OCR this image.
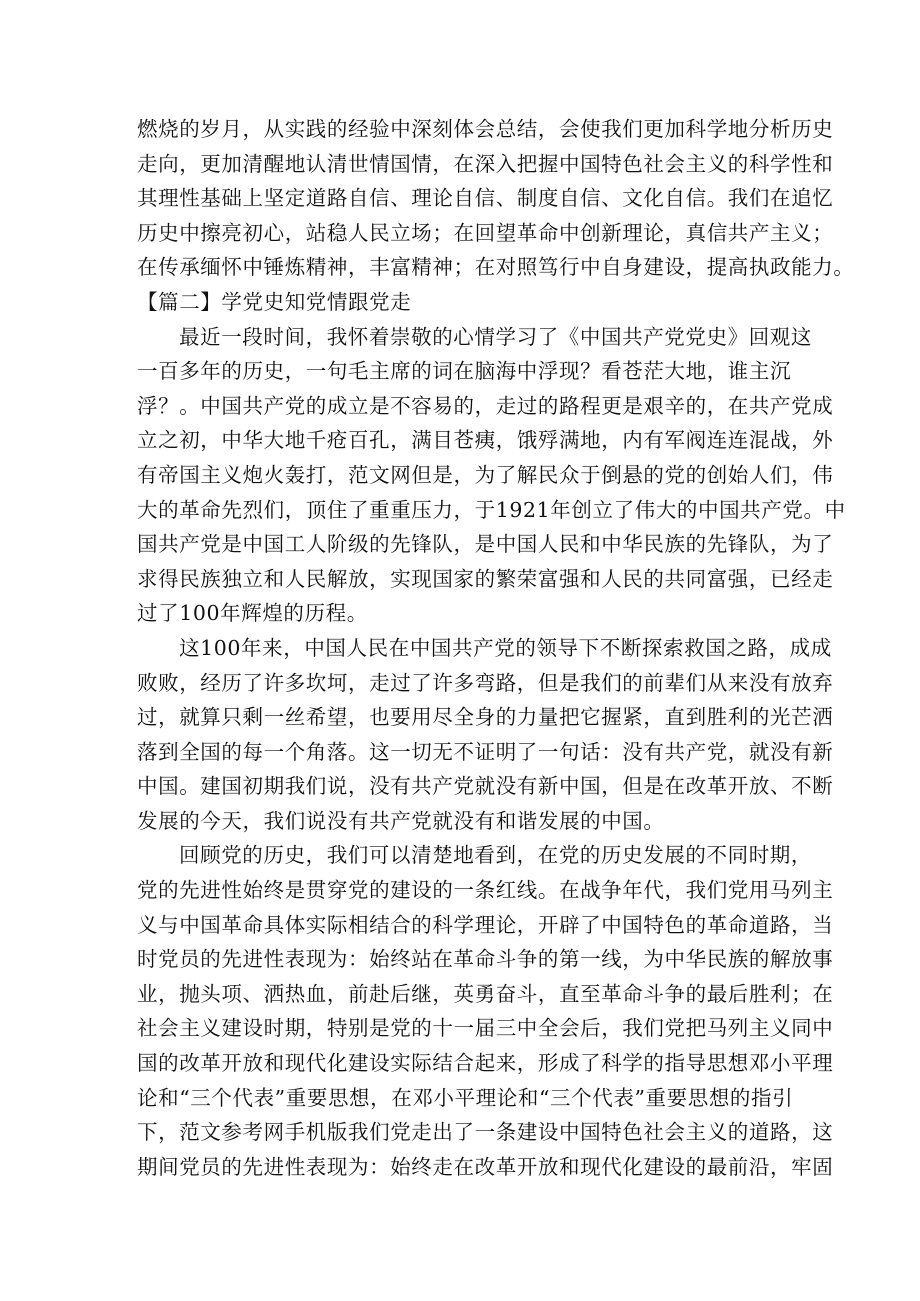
燃烧的岁月，从实践的经验中深刻体会总结，会使我们更加科学地分析历史
走向，更加清醒地认清世情国情，在深入把握中国特色社会主义的科学性和
其理性基础上坚定道路自信、理论自信、制度自信、文化自信。我们在追忆
历史中擦亮初心，站稳人民立场；在回望革命中创新理论，真信共产主义；
在传承缅怀中锤炼精神，丰富精神；在对照笃行中自身建设，提高执政能力。
【篇二】学党史知党情跟党走
最近一段时间，我怀着崇敬的心情学习了《中国共产党党史》回观这
一百多年的历史，一句毛主席的词在脑海中浮现？看苍茫大地，谁主沉
浮？。中国共产党的成立是不容易的，走过的路程更是艰辛的，在共产党成
立之初，中华大地千疮百孔，满目苍痍，饿殍满地，内有军阀连连混战，外
有帝国主义炮火轰打，范文网但是，为了解民众于倒悬的党的创始人们，伟
大的革命先烈们，顶住了重重压力，于1921年创立了伟大的中国共产党。中
国共产党是中国工人阶级的先锋队，是中国人民和中华民族的先锋队，为了
求得民族独立和人民解放，实现国家的繁荣富强和人民的共同富强，已经走
过了100年辉煌的历程。
这100年来，中国人民在中国共产党的领导下不断探索救国之路，成成
败败，经历了许多坎坷，走过了许多弯路，但是我们的前辈们从来没有放弃
过，就算只剩一丝希望，也要用尽全身的力量把它握紧，直到胜利的光芒洒
落到全国的每一个角落。这一切无不证明了一句话：没有共产党，就没有新
中国。建国初期我们说，没有共产党就没有新中国，但是在改革开放、不断
发展的今天，我们说没有共产党就没有和谐发展的中国。
回顾党的历史，我们可以清楚地看到，在党的历史发展的不同时期，
党的先进性始终是贯穿党的建设的一条红线。在战争年代，我们党用马列主
义与中国革命具体实际相结合的科学理论，开辟了中国特色的革命道路，当
时党员的先进性表现为：始终站在革命斗争的第一线，为中华民族的解放事
业，抛头项、洒热血，前赴后继，英勇奋斗，直至革命斗争的最后胜利；在
社会主义建设时期，特别是党的十一届三中全会后，我们党把马列主义同中
国的改革开放和现代化建设实际结合起来，形成了科学的指导思想邓小平理
论和“三个代表”重要思想，在邓小平理论和“三个代表”重要思想的指引
下，范文参考网手机版我们党走出了一条建设中国特色社会主义的道路，这
期间党员的先进性表现为：始终走在改革开放和现代化建设的最前沿，牢固
